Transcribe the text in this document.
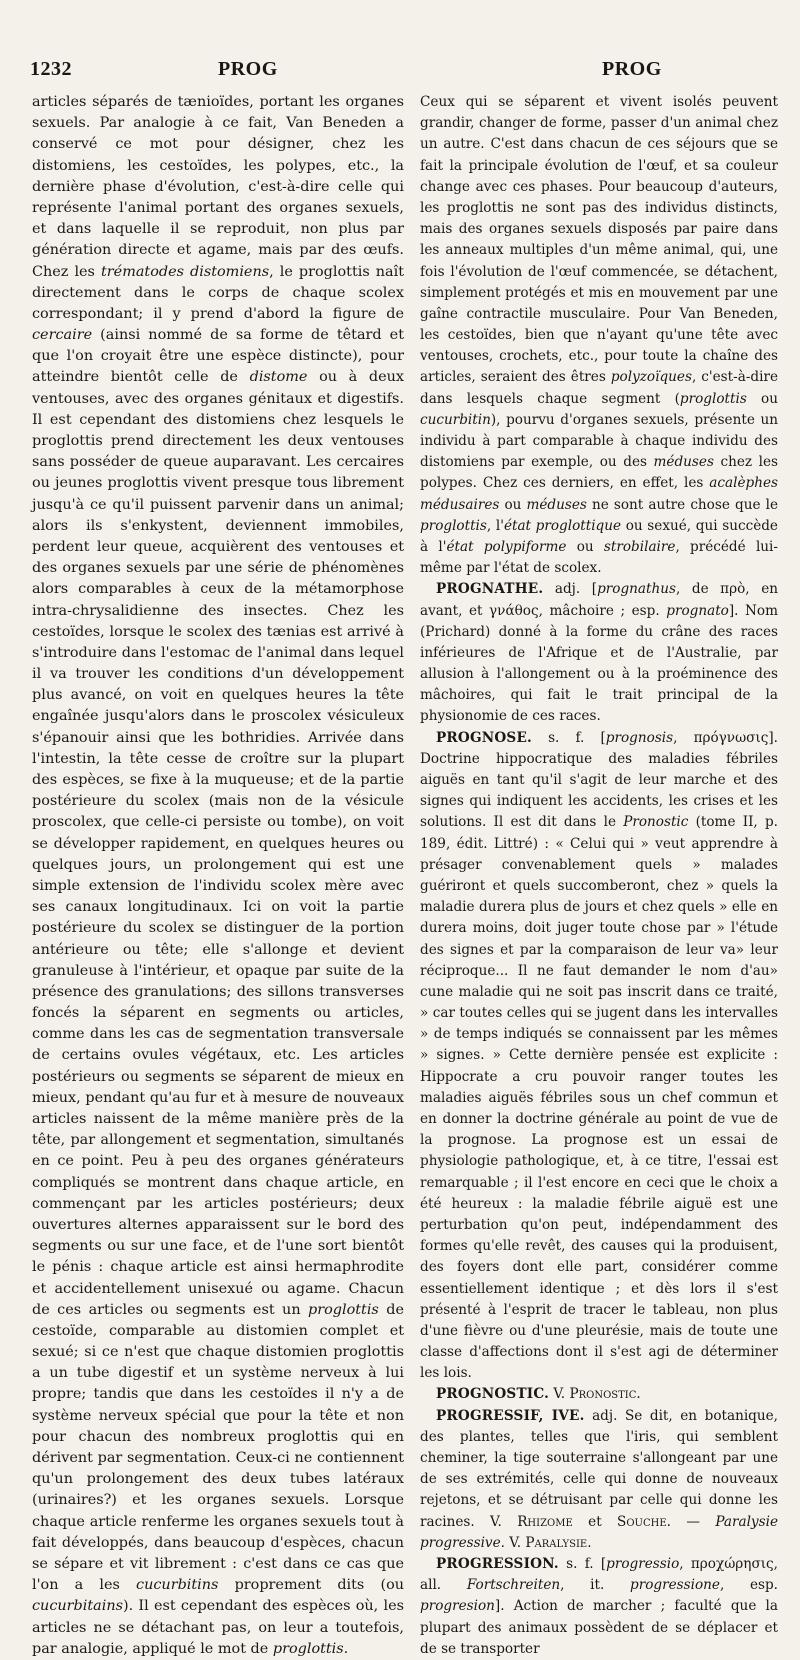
1232	PROG	PROG

articles séparés de tænioïdes, portant les organes sexuels. Par analogie à ce fait, Van Beneden a conservé ce mot pour désigner, chez les distomiens, les cestoïdes, les polypes, etc., la dernière phase d'évolution, c'est-à-dire celle qui représente l'animal portant des organes sexuels, et dans laquelle il se reproduit, non plus par génération directe et agame, mais par des œufs. Chez les trématodes distomiens, le proglottis naît directement dans le corps de chaque scolex correspondant; il y prend d'abord la figure de cercaire (ainsi nommé de sa forme de têtard et que l'on croyait être une espèce distincte), pour atteindre bientôt celle de distome ou à deux ventouses, avec des organes génitaux et digestifs. Il est cependant des distomiens chez lesquels le proglottis prend directement les deux ventouses sans posséder de queue auparavant. Les cercaires ou jeunes proglottis vivent presque tous librement jusqu'à ce qu'il puissent parvenir dans un animal; alors ils s'enkystent, deviennent immobiles, perdent leur queue, acquièrent des ventouses et des organes sexuels par une série de phénomènes alors comparables à ceux de la métamorphose intra-chrysalidienne des insectes. Chez les cestoïdes, lorsque le scolex des tænias est arrivé à s'introduire dans l'estomac de l'animal dans lequel il va trouver les conditions d'un développement plus avancé, on voit en quelques heures la tête engaînée jusqu'alors dans le proscolex vésiculeux s'épanouir ainsi que les bothridies. Arrivée dans l'intestin, la tête cesse de croître sur la plupart des espèces, se fixe à la muqueuse; et de la partie postérieure du scolex (mais non de la vésicule proscolex, que celle-ci persiste ou tombe), on voit se développer rapidement, en quelques heures ou quelques jours, un prolongement qui est une simple extension de l'individu scolex mère avec ses canaux longitudinaux. Ici on voit la partie postérieure du scolex se distinguer de la portion antérieure ou tête; elle s'allonge et devient granuleuse à l'intérieur, et opaque par suite de la présence des granulations; des sillons transverses foncés la séparent en segments ou articles, comme dans les cas de segmentation transversale de certains ovules végétaux, etc. Les articles postérieurs ou segments se séparent de mieux en mieux, pendant qu'au fur et à mesure de nouveaux articles naissent de la même manière près de la tête, par allongement et segmentation, simultanés en ce point. Peu à peu des organes générateurs compliqués se montrent dans chaque article, en commençant par les articles postérieurs; deux ouvertures alternes apparaissent sur le bord des segments ou sur une face, et de l'une sort bientôt le pénis : chaque article est ainsi hermaphrodite et accidentellement unisexué ou agame. Chacun de ces articles ou segments est un proglottis de cestoïde, comparable au distomien complet et sexué; si ce n'est que chaque distomien proglottis a un tube digestif et un système nerveux à lui propre; tandis que dans les cestoïdes il n'y a de système nerveux spécial que pour la tête et non pour chacun des nombreux proglottis qui en dérivent par segmentation. Ceux-ci ne contiennent qu'un prolongement des deux tubes latéraux (urinaires?) et les organes sexuels. Lorsque chaque article renferme les organes sexuels tout à fait développés, dans beaucoup d'espèces, chacun se sépare et vit librement : c'est dans ce cas que l'on a les cucurbitins proprement dits (ou cucurbitains). Il est cependant des espèces où, les articles ne se détachant pas, on leur a toutefois, par analogie, appliqué le mot de proglottis.

Ceux qui se séparent et vivent isolés peuvent grandir, changer de forme, passer d'un animal chez un autre. C'est dans chacun de ces séjours que se fait la principale évolution de l'œuf, et sa couleur change avec ces phases. Pour beaucoup d'auteurs, les proglottis ne sont pas des individus distincts, mais des organes sexuels disposés par paire dans les anneaux multiples d'un même animal, qui, une fois l'évolution de l'œuf commencée, se détachent, simplement protégés et mis en mouvement par une gaîne contractile musculaire. Pour Van Beneden, les cestoïdes, bien que n'ayant qu'une tête avec ventouses, crochets, etc., pour toute la chaîne des articles, seraient des êtres polyzoïques, c'est-à-dire dans lesquels chaque segment (proglottis ou cucurbitin), pourvu d'organes sexuels, présente un individu à part comparable à chaque individu des distomiens par exemple, ou des méduses chez les polypes. Chez ces derniers, en effet, les acalèphes médusaires ou méduses ne sont autre chose que le proglottis, l'état proglottique ou sexué, qui succède à l'état polypiforme ou strobilaire, précédé lui-même par l'état de scolex.

PROGNATHE. adj. [prognathus, de πρὸ, en avant, et γνάθος, mâchoire ; esp. prognato]. Nom (Prichard) donné à la forme du crâne des races inférieures de l'Afrique et de l'Australie, par allusion à l'allongement ou à la proéminence des mâchoires, qui fait le trait principal de la physionomie de ces races.

PROGNOSE. s. f. [prognosis, πρόγνωσις]. Doctrine hippocratique des maladies fébriles aiguës en tant qu'il s'agit de leur marche et des signes qui indiquent les accidents, les crises et les solutions. Il est dit dans le Pronostic (tome II, p. 189, édit. Littré) : « Celui qui » veut apprendre à présager convenablement quels » malades guériront et quels succomberont, chez » quels la maladie durera plus de jours et chez quels » elle en durera moins, doit juger toute chose par » l'étude des signes et par la comparaison de leur va» leur réciproque... Il ne faut demander le nom d'au» cune maladie qui ne soit pas inscrit dans ce traité, » car toutes celles qui se jugent dans les intervalles » de temps indiqués se connaissent par les mêmes » signes. » Cette dernière pensée est explicite : Hippocrate a cru pouvoir ranger toutes les maladies aiguës fébriles sous un chef commun et en donner la doctrine générale au point de vue de la prognose. La prognose est un essai de physiologie pathologique, et, à ce titre, l'essai est remarquable ; il l'est encore en ceci que le choix a été heureux : la maladie fébrile aiguë est une perturbation qu'on peut, indépendamment des formes qu'elle revêt, des causes qui la produisent, des foyers dont elle part, considérer comme essentiellement identique ; et dès lors il s'est présenté à l'esprit de tracer le tableau, non plus d'une fièvre ou d'une pleurésie, mais de toute une classe d'affections dont il s'est agi de déterminer les lois.

PROGNOSTIC. V. Pronostic.

PROGRESSIF, IVE. adj. Se dit, en botanique, des plantes, telles que l'iris, qui semblent cheminer, la tige souterraine s'allongeant par une de ses extrémités, celle qui donne de nouveaux rejetons, et se détruisant par celle qui donne les racines. V. Rhizome et Souche. — Paralysie progressive. V. Paralysie.

PROGRESSION. s. f. [progressio, προχώρησις, all. Fortschreiten, it. progressione, esp. progresion]. Action de marcher ; faculté que la plupart des animaux possèdent de se déplacer et de se transporter
